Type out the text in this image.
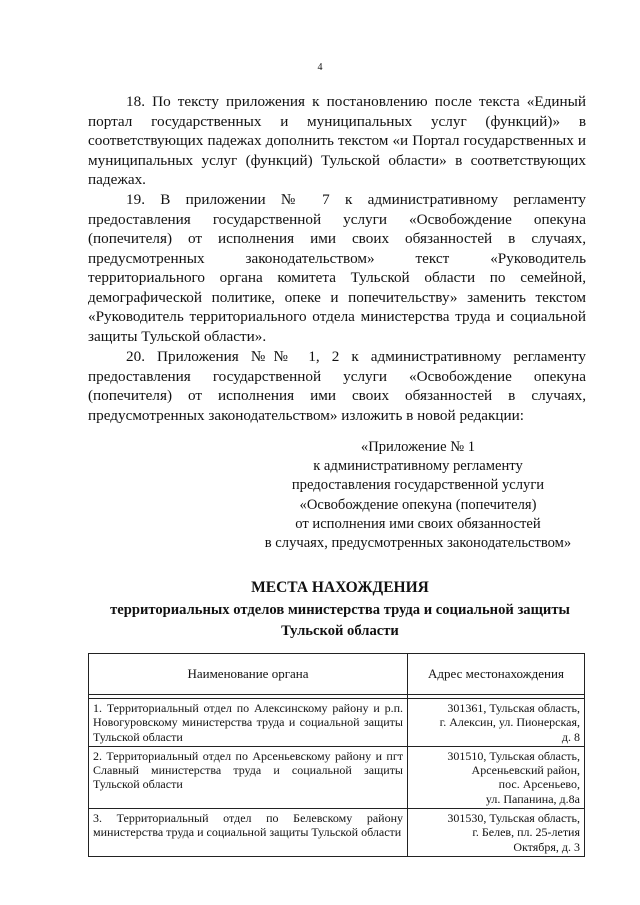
4

18. По тексту приложения к постановлению после текста «Единый портал государственных и муниципальных услуг (функций)» в соответствующих падежах дополнить текстом «и Портал государственных и муниципальных услуг (функций) Тульской области» в соответствующих падежах.

19. В приложении № 7 к административному регламенту предоставления государственной услуги «Освобождение опекуна (попечителя) от исполнения ими своих обязанностей в случаях, предусмотренных законодательством» текст «Руководитель территориального органа комитета Тульской области по семейной, демографической политике, опеке и попечительству» заменить текстом «Руководитель территориального отдела министерства труда и социальной защиты Тульской области».

20. Приложения №№ 1, 2 к административному регламенту предоставления государственной услуги «Освобождение опекуна (попечителя) от исполнения ими своих обязанностей в случаях, предусмотренных законодательством» изложить в новой редакции:

«Приложение № 1
к административному регламенту
предоставления государственной услуги
«Освобождение опекуна (попечителя)
от исполнения ими своих обязанностей
в случаях, предусмотренных законодательством»
МЕСТА НАХОЖДЕНИЯ
территориальных отделов министерства труда и социальной защиты
Тульской области
Наименование органа	Адрес местонахождения

1. Территориальный отдел по Алексинскому району и р.п. Новогуровскому министерства труда и социальной защиты Тульской области	301361, Тульская область,
г. Алексин, ул. Пионерская,
д. 8

2. Территориальный отдел по Арсеньевскому району и пгт Славный министерства труда и социальной защиты Тульской области	301510, Тульская область,
Арсеньевский район,
пос. Арсеньево,
ул. Папанина, д.8а

3. Территориальный отдел по Белевскому району министерства труда и социальной защиты Тульской области	301530, Тульская область,
г. Белев, пл. 25-летия
Октября, д. 3
